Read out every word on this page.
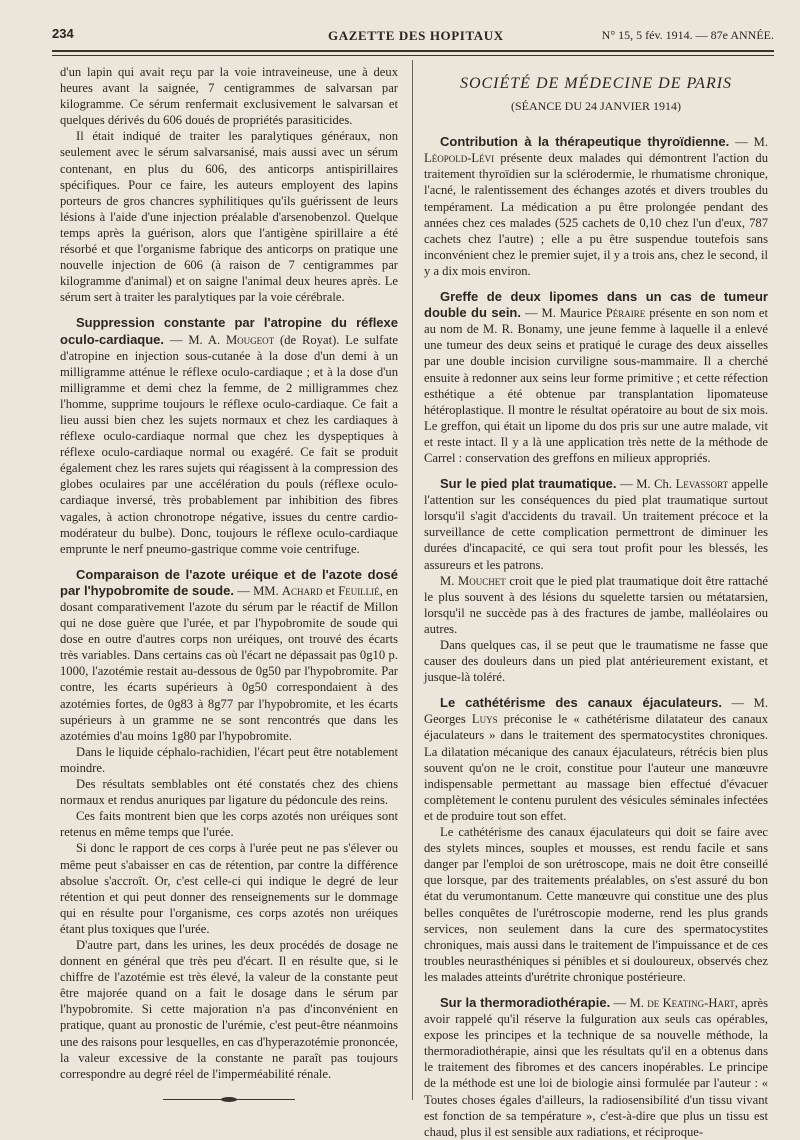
234	GAZETTE DES HOPITAUX	N° 15, 5 fév. 1914. — 87e ANNÉE.

d'un lapin qui avait reçu par la voie intraveineuse, une à deux heures avant la saignée, 7 centigrammes de salvarsan par kilogramme. Ce sérum renfermait exclusivement le salvarsan et quelques dérivés du 606 doués de propriétés parasiticides.

Il était indiqué de traiter les paralytiques généraux, non seulement avec le sérum salvarsanisé, mais aussi avec un sérum contenant, en plus du 606, des anticorps antispirillaires spécifiques. Pour ce faire, les auteurs employent des lapins porteurs de gros chancres syphilitiques qu'ils guérissent de leurs lésions à l'aide d'une injection préalable d'arsenobenzol. Quelque temps après la guérison, alors que l'antigène spirillaire a été résorbé et que l'organisme fabrique des anticorps on pratique une nouvelle injection de 606 (à raison de 7 centigrammes par kilogramme d'animal) et on saigne l'animal deux heures après. Le sérum sert à traiter les paralytiques par la voie cérébrale.

Suppression constante par l'atropine du réflexe oculo-cardiaque. — M. A. Mougeot (de Royat). Le sulfate d'atropine en injection sous-cutanée à la dose d'un demi à un milligramme atténue le réflexe oculo-cardiaque ; et à la dose d'un milligramme et demi chez la femme, de 2 milligrammes chez l'homme, supprime toujours le réflexe oculo-cardiaque. Ce fait a lieu aussi bien chez les sujets normaux et chez les cardiaques à réflexe oculo-cardiaque normal que chez les dyspeptiques à réflexe oculo-cardiaque normal ou exagéré. Ce fait se produit également chez les rares sujets qui réagissent à la compression des globes oculaires par une accélération du pouls (réflexe oculo-cardiaque inversé, très probablement par inhibition des fibres vagales, à action chronotrope négative, issues du centre cardio-modérateur du bulbe). Donc, toujours le réflexe oculo-cardiaque emprunte le nerf pneumo-gastrique comme voie centrifuge.

Comparaison de l'azote uréique et de l'azote dosé par l'hypobromite de soude. — MM. Achard et Feuillié, en dosant comparativement l'azote du sérum par le réactif de Millon qui ne dose guère que l'urée, et par l'hypobromite de soude qui dose en outre d'autres corps non uréiques, ont trouvé des écarts très variables. Dans certains cas où l'écart ne dépassait pas 0g10 p. 1000, l'azotémie restait au-dessous de 0g50 par l'hypobromite. Par contre, les écarts supérieurs à 0g50 correspondaient à des azotémies fortes, de 0g83 à 8g77 par l'hypobromite, et les écarts supérieurs à un gramme ne se sont rencontrés que dans les azotémies d'au moins 1g80 par l'hypobromite.

Dans le liquide céphalo-rachidien, l'écart peut être notablement moindre.

Des résultats semblables ont été constatés chez des chiens normaux et rendus anuriques par ligature du pédoncule des reins.

Ces faits montrent bien que les corps azotés non uréiques sont retenus en même temps que l'urée.

Si donc le rapport de ces corps à l'urée peut ne pas s'élever ou même peut s'abaisser en cas de rétention, par contre la différence absolue s'accroît. Or, c'est celle-ci qui indique le degré de leur rétention et qui peut donner des renseignements sur le dommage qui en résulte pour l'organisme, ces corps azotés non uréiques étant plus toxiques que l'urée.

D'autre part, dans les urines, les deux procédés de dosage ne donnent en général que très peu d'écart. Il en résulte que, si le chiffre de l'azotémie est très élevé, la valeur de la constante peut être majorée quand on a fait le dosage dans le sérum par l'hypobromite. Si cette majoration n'a pas d'inconvénient en pratique, quant au pronostic de l'urémie, c'est peut-être néanmoins une des raisons pour lesquelles, en cas d'hyperazotémie prononcée, la valeur excessive de la constante ne paraît pas toujours correspondre au degré réel de l'imperméabilité rénale.

SOCIÉTÉ DE MÉDECINE DE PARIS
(SÉANCE DU 24 JANVIER 1914)

Contribution à la thérapeutique thyroïdienne. — M. Léopold-Lévi présente deux malades qui démontrent l'action du traitement thyroïdien sur la sclérodermie, le rhumatisme chronique, l'acné, le ralentissement des échanges azotés et divers troubles du tempérament. La médication a pu être prolongée pendant des années chez ces malades (525 cachets de 0,10 chez l'un d'eux, 787 cachets chez l'autre) ; elle a pu être suspendue toutefois sans inconvénient chez le premier sujet, il y a trois ans, chez le second, il y a dix mois environ.

Greffe de deux lipomes dans un cas de tumeur double du sein. — M. Maurice Péraire présente en son nom et au nom de M. R. Bonamy, une jeune femme à laquelle il a enlevé une tumeur des deux seins et pratiqué le curage des deux aisselles par une double incision curviligne sous-mammaire. Il a cherché ensuite à redonner aux seins leur forme primitive ; et cette réfection esthétique a été obtenue par transplantation lipomateuse hétéroplastique. Il montre le résultat opératoire au bout de six mois. Le greffon, qui était un lipome du dos pris sur une autre malade, vit et reste intact. Il y a là une application très nette de la méthode de Carrel : conservation des greffons en milieux appropriés.

Sur le pied plat traumatique. — M. Ch. Levassort appelle l'attention sur les conséquences du pied plat traumatique surtout lorsqu'il s'agit d'accidents du travail. Un traitement précoce et la surveillance de cette complication permettront de diminuer les durées d'incapacité, ce qui sera tout profit pour les blessés, les assureurs et les patrons.

M. Mouchet croit que le pied plat traumatique doit être rattaché le plus souvent à des lésions du squelette tarsien ou métatarsien, lorsqu'il ne succède pas à des fractures de jambe, malléolaires ou autres.

Dans quelques cas, il se peut que le traumatisme ne fasse que causer des douleurs dans un pied plat antérieurement existant, et jusque-là toléré.

Le cathétérisme des canaux éjaculateurs. — M. Georges Luys préconise le « cathétérisme dilatateur des canaux éjaculateurs » dans le traitement des spermatocystites chroniques. La dilatation mécanique des canaux éjaculateurs, rétrécis bien plus souvent qu'on ne le croit, constitue pour l'auteur une manœuvre indispensable permettant au massage bien effectué d'évacuer complètement le contenu purulent des vésicules séminales infectées et de produire tout son effet.

Le cathétérisme des canaux éjaculateurs qui doit se faire avec des stylets minces, souples et mousses, est rendu facile et sans danger par l'emploi de son urétroscope, mais ne doit être conseillé que lorsque, par des traitements préalables, on s'est assuré du bon état du verumontanum. Cette manœuvre qui constitue une des plus belles conquêtes de l'urétroscopie moderne, rend les plus grands services, non seulement dans la cure des spermatocystites chroniques, mais aussi dans le traitement de l'impuissance et de ces troubles neurasthéniques si pénibles et si douloureux, observés chez les malades atteints d'urétrite chronique postérieure.

Sur la thermoradiothérapie. — M. de Keating-Hart, après avoir rappelé qu'il réserve la fulguration aux seuls cas opérables, expose les principes et la technique de sa nouvelle méthode, la thermoradiothérapie, ainsi que les résultats qu'il en a obtenus dans le traitement des fibromes et des cancers inopérables. Le principe de la méthode est une loi de biologie ainsi formulée par l'auteur : « Toutes choses égales d'ailleurs, la radiosensibilité d'un tissu vivant est fonction de sa température », c'est-à-dire que plus un tissu est chaud, plus il est sensible aux radiations, et réciproque-
